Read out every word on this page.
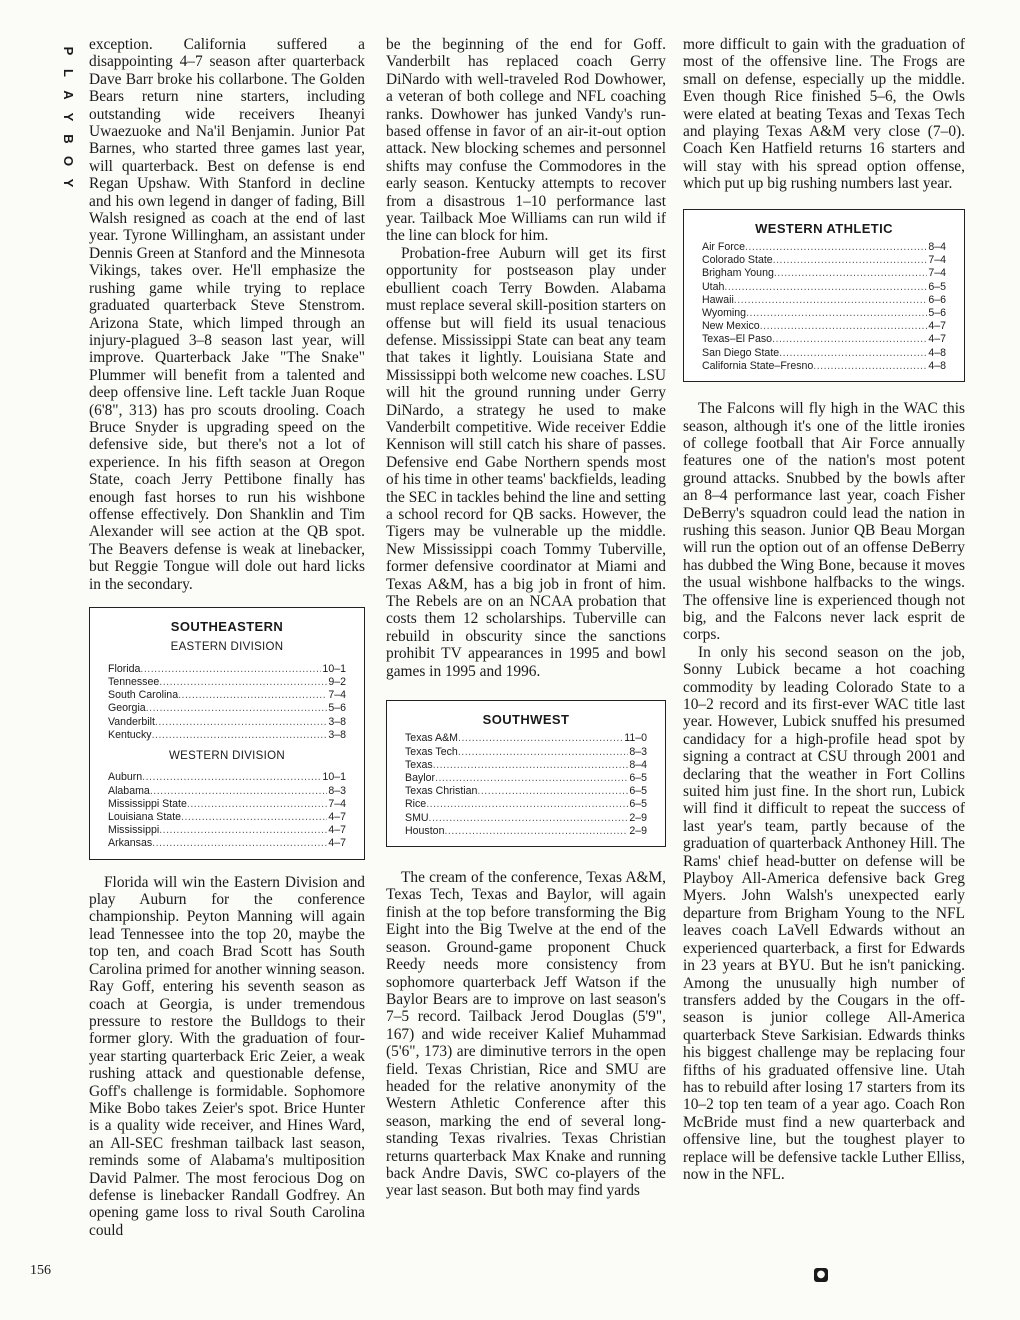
P
L
A
Y
B
O
Y

exception. California suffered a disappointing 4–7 season after quarterback Dave Barr broke his collarbone. The Golden Bears return nine starters, including outstanding wide receivers Iheanyi Uwaezuoke and Na'il Benjamin. Junior Pat Barnes, who started three games last year, will quarterback. Best on defense is end Regan Upshaw. With Stanford in decline and his own legend in danger of fading, Bill Walsh resigned as coach at the end of last year. Tyrone Willingham, an assistant under Dennis Green at Stanford and the Minnesota Vikings, takes over. He'll emphasize the rushing game while trying to replace graduated quarterback Steve Stenstrom. Arizona State, which limped through an injury-plagued 3–8 season last year, will improve. Quarterback Jake "The Snake" Plummer will benefit from a talented and deep offensive line. Left tackle Juan Roque (6'8", 313) has pro scouts drooling. Coach Bruce Snyder is upgrading speed on the defensive side, but there's not a lot of experience. In his fifth season at Oregon State, coach Jerry Pettibone finally has enough fast horses to run his wishbone offense effectively. Don Shanklin and Tim Alexander will see action at the QB spot. The Beavers defense is weak at linebacker, but Reggie Tongue will dole out hard licks in the secondary.

SOUTHEASTERN
EASTERN DIVISION
Florida .....	10–1
Tennessee .....	9–2
South Carolina .....	7–4
Georgia .....	5–6
Vanderbilt .....	3–8
Kentucky .....	3–8
WESTERN DIVISION
Auburn .....	10–1
Alabama .....	8–3
Mississippi State .....	7–4
Louisiana State .....	4–7
Mississippi .....	4–7
Arkansas .....	4–7

Florida will win the Eastern Division and play Auburn for the conference championship. Peyton Manning will again lead Tennessee into the top 20, maybe the top ten, and coach Brad Scott has South Carolina primed for another winning season. Ray Goff, entering his seventh season as coach at Georgia, is under tremendous pressure to restore the Bulldogs to their former glory. With the graduation of four-year starting quarterback Eric Zeier, a weak rushing attack and questionable defense, Goff's challenge is formidable. Sophomore Mike Bobo takes Zeier's spot. Brice Hunter is a quality wide receiver, and Hines Ward, an All-SEC freshman tailback last season, reminds some of Alabama's multiposition David Palmer. The most ferocious Dog on defense is linebacker Randall Godfrey. An opening game loss to rival South Carolina could

be the beginning of the end for Goff. Vanderbilt has replaced coach Gerry DiNardo with well-traveled Rod Dowhower, a veteran of both college and NFL coaching ranks. Dowhower has junked Vandy's run-based offense in favor of an air-it-out option attack. New blocking schemes and personnel shifts may confuse the Commodores in the early season. Kentucky attempts to recover from a disastrous 1–10 performance last year. Tailback Moe Williams can run wild if the line can block for him.

Probation-free Auburn will get its first opportunity for postseason play under ebullient coach Terry Bowden. Alabama must replace several skill-position starters on offense but will field its usual tenacious defense. Mississippi State can beat any team that takes it lightly. Louisiana State and Mississippi both welcome new coaches. LSU will hit the ground running under Gerry DiNardo, a strategy he used to make Vanderbilt competitive. Wide receiver Eddie Kennison will still catch his share of passes. Defensive end Gabe Northern spends most of his time in other teams' backfields, leading the SEC in tackles behind the line and setting a school record for QB sacks. However, the Tigers may be vulnerable up the middle. New Mississippi coach Tommy Tuberville, former defensive coordinator at Miami and Texas A&M, has a big job in front of him. The Rebels are on an NCAA probation that costs them 12 scholarships. Tuberville can rebuild in obscurity since the sanctions prohibit TV appearances in 1995 and bowl games in 1995 and 1996.

SOUTHWEST
Texas A&M .....	11–0
Texas Tech .....	8–3
Texas .....	8–4
Baylor .....	6–5
Texas Christian .....	6–5
Rice .....	6–5
SMU .....	2–9
Houston .....	2–9

The cream of the conference, Texas A&M, Texas Tech, Texas and Baylor, will again finish at the top before transforming the Big Eight into the Big Twelve at the end of the season. Ground-game proponent Chuck Reedy needs more consistency from sophomore quarterback Jeff Watson if the Baylor Bears are to improve on last season's 7–5 record. Tailback Jerod Douglas (5'9", 167) and wide receiver Kalief Muhammad (5'6", 173) are diminutive terrors in the open field. Texas Christian, Rice and SMU are headed for the relative anonymity of the Western Athletic Conference after this season, marking the end of several long-standing Texas rivalries. Texas Christian returns quarterback Max Knake and running back Andre Davis, SWC co-players of the year last season. But both may find yards

more difficult to gain with the graduation of most of the offensive line. The Frogs are small on defense, especially up the middle. Even though Rice finished 5–6, the Owls were elated at beating Texas and Texas Tech and playing Texas A&M very close (7–0). Coach Ken Hatfield returns 16 starters and will stay with his spread option offense, which put up big rushing numbers last year.

WESTERN ATHLETIC
Air Force .....	8–4
Colorado State .....	7–4
Brigham Young .....	7–4
Utah .....	6–5
Hawaii .....	6–6
Wyoming .....	5–6
New Mexico .....	4–7
Texas–El Paso .....	4–7
San Diego State .....	4–8
California State–Fresno .....	4–8

The Falcons will fly high in the WAC this season, although it's one of the little ironies of college football that Air Force annually features one of the nation's most potent ground attacks. Snubbed by the bowls after an 8–4 performance last year, coach Fisher DeBerry's squadron could lead the nation in rushing this season. Junior QB Beau Morgan will run the option out of an offense DeBerry has dubbed the Wing Bone, because it moves the usual wishbone halfbacks to the wings. The offensive line is experienced though not big, and the Falcons never lack esprit de corps.

In only his second season on the job, Sonny Lubick became a hot coaching commodity by leading Colorado State to a 10–2 record and its first-ever WAC title last year. However, Lubick snuffed his presumed candidacy for a high-profile head spot by signing a contract at CSU through 2001 and declaring that the weather in Fort Collins suited him just fine. In the short run, Lubick will find it difficult to repeat the success of last year's team, partly because of the graduation of quarterback Anthoney Hill. The Rams' chief head-butter on defense will be Playboy All-America defensive back Greg Myers. John Walsh's unexpected early departure from Brigham Young to the NFL leaves coach LaVell Edwards without an experienced quarterback, a first for Edwards in 23 years at BYU. But he isn't panicking. Among the unusually high number of transfers added by the Cougars in the off-season is junior college All-America quarterback Steve Sarkisian. Edwards thinks his biggest challenge may be replacing four fifths of his graduated offensive line. Utah has to rebuild after losing 17 starters from its 10–2 top ten team of a year ago. Coach Ron McBride must find a new quarterback and offensive line, but the toughest player to replace will be defensive tackle Luther Elliss, now in the NFL.

156	●
